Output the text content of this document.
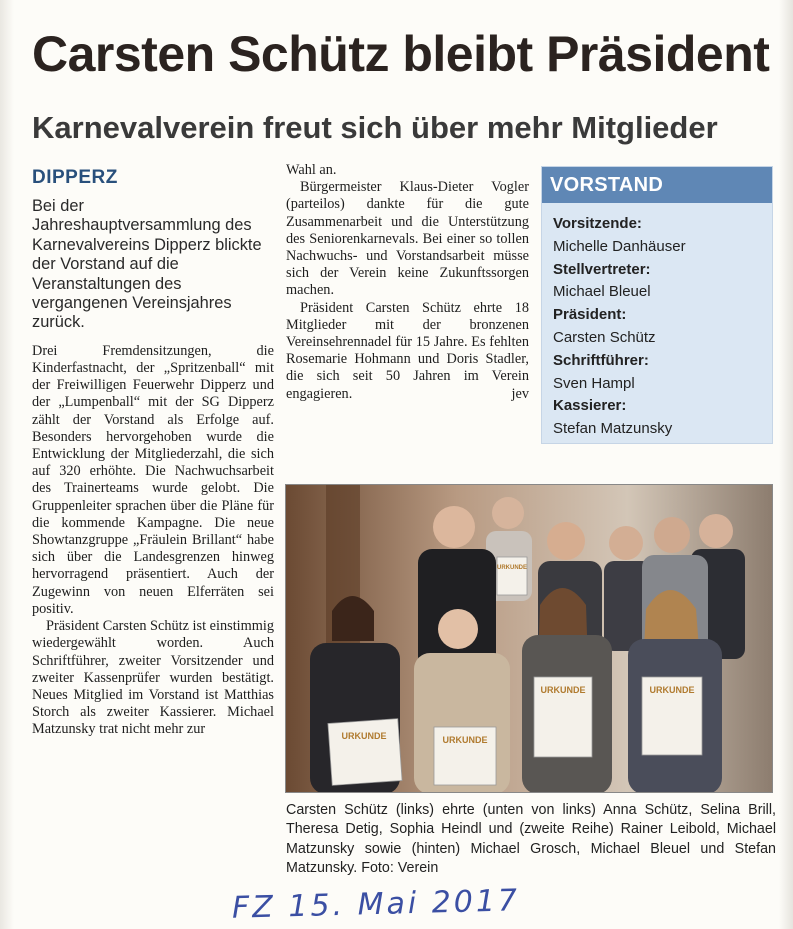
Carsten Schütz bleibt Präsident
Karnevalverein freut sich über mehr Mitglieder
DIPPERZ
Bei der Jahreshauptversammlung des Karnevalvereins Dipperz blickte der Vorstand auf die Veranstaltungen des vergangenen Vereinsjahres zurück.

Drei Fremdensitzungen, die Kinderfastnacht, der „Spritzenball“ mit der Freiwilligen Feuerwehr Dipperz und der „Lumpenball“ mit der SG Dipperz zählt der Vorstand als Erfolge auf. Besonders hervorgehoben wurde die Entwicklung der Mitgliederzahl, die sich auf 320 erhöhte. Die Nachwuchsarbeit des Trainerteams wurde gelobt. Die Gruppenleiter sprachen über die Pläne für die kommende Kampagne. Die neue Showtanzgruppe „Fräulein Brillant“ habe sich über die Landesgrenzen hinweg hervorragend präsentiert. Auch der Zugewinn von neuen Elferräten sei positiv.

Präsident Carsten Schütz ist einstimmig wiedergewählt worden. Auch Schriftführer, zweiter Vorsitzender und zweiter Kassenprüfer wurden bestätigt. Neues Mitglied im Vorstand ist Matthias Storch als zweiter Kassierer. Michael Matzunsky trat nicht mehr zur

Wahl an.

Bürgermeister Klaus-Dieter Vogler (parteilos) dankte für die gute Zusammenarbeit und die Unterstützung des Seniorenkarnevals. Bei einer so tollen Nachwuchs- und Vorstandsarbeit müsse sich der Verein keine Zukunftssorgen machen.

Präsident Carsten Schütz ehrte 18 Mitglieder mit der bronzenen Vereinsehrennadel für 15 Jahre. Es fehlten Rosemarie Hohmann und Doris Stadler, die sich seit 50 Jahren im Verein engagieren.	jev

VORSTAND
Vorsitzende:
Michelle Danhäuser
Stellvertreter:
Michael Bleuel
Präsident:
Carsten Schütz
Schriftführer:
Sven Hampl
Kassierer:
Stefan Matzunsky
URKUNDE
URKUNDE	URKUNDE
URKUNDE	URKUNDE
Carsten Schütz (links) ehrte (unten von links) Anna Schütz, Selina Brill, Theresa Detig, Sophia Heindl und (zweite Reihe) Rainer Leibold, Michael Matzunsky sowie (hinten) Michael Grosch, Michael Bleuel und Stefan Matzunsky. Foto: Verein
FZ 15. Mai 2017
